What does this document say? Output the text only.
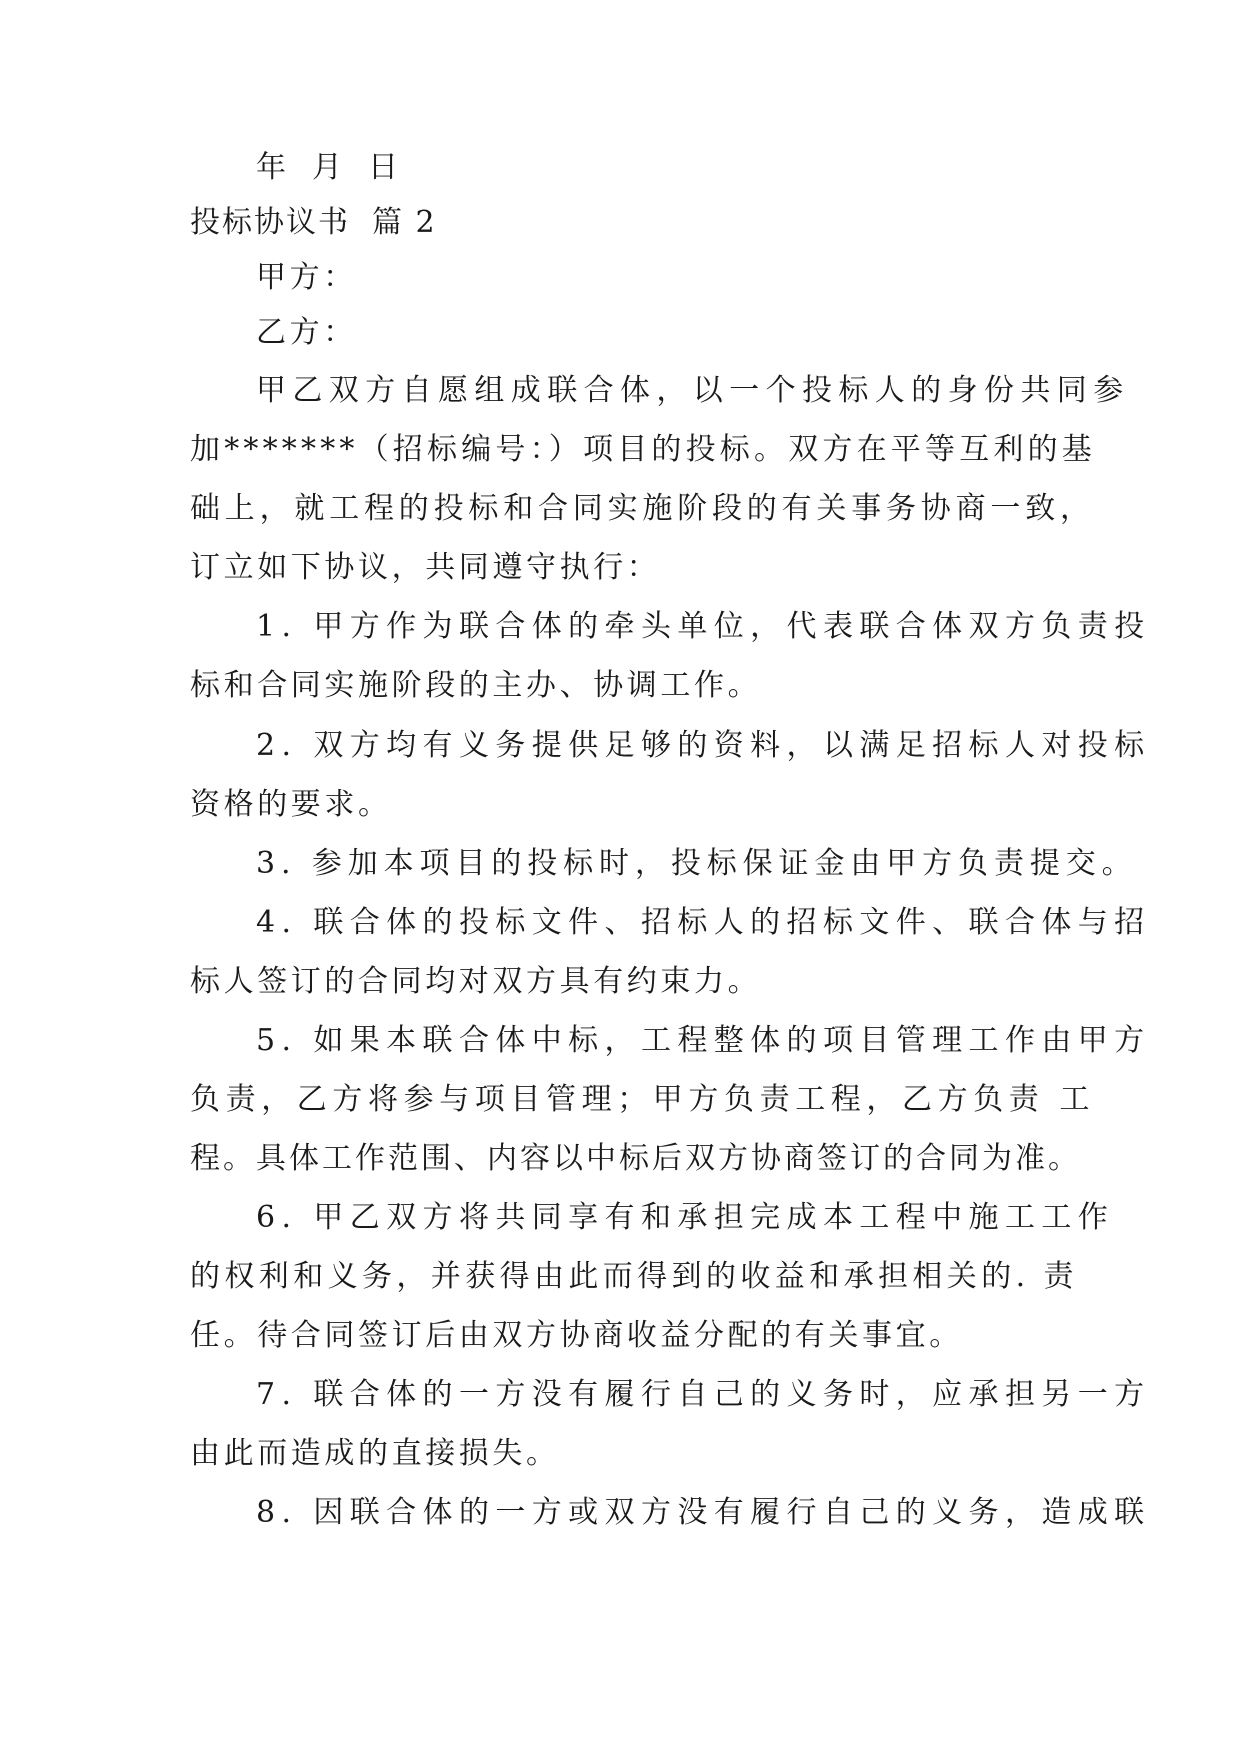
年 月 日
投标协议书 篇 2
甲方：
乙方：
甲乙双方自愿组成联合体，以一个投标人的身份共同参
加*******（招标编号：）项目的投标。双方在平等互利的基
础上，就工程的投标和合同实施阶段的有关事务协商一致，
订立如下协议，共同遵守执行：
1. 甲方作为联合体的牵头单位，代表联合体双方负责投
标和合同实施阶段的主办、协调工作。
2. 双方均有义务提供足够的资料，以满足招标人对投标
资格的要求。
3. 参加本项目的投标时，投标保证金由甲方负责提交。
4. 联合体的投标文件、招标人的招标文件、联合体与招
标人签订的合同均对双方具有约束力。
5. 如果本联合体中标，工程整体的项目管理工作由甲方
负责，乙方将参与项目管理；甲方负责工程，乙方负责 工
程。具体工作范围、内容以中标后双方协商签订的合同为准。
6. 甲乙双方将共同享有和承担完成本工程中施工工作
的权利和义务，并获得由此而得到的收益和承担相关的. 责
任。待合同签订后由双方协商收益分配的有关事宜。
7. 联合体的一方没有履行自己的义务时，应承担另一方
由此而造成的直接损失。
8. 因联合体的一方或双方没有履行自己的义务，造成联
